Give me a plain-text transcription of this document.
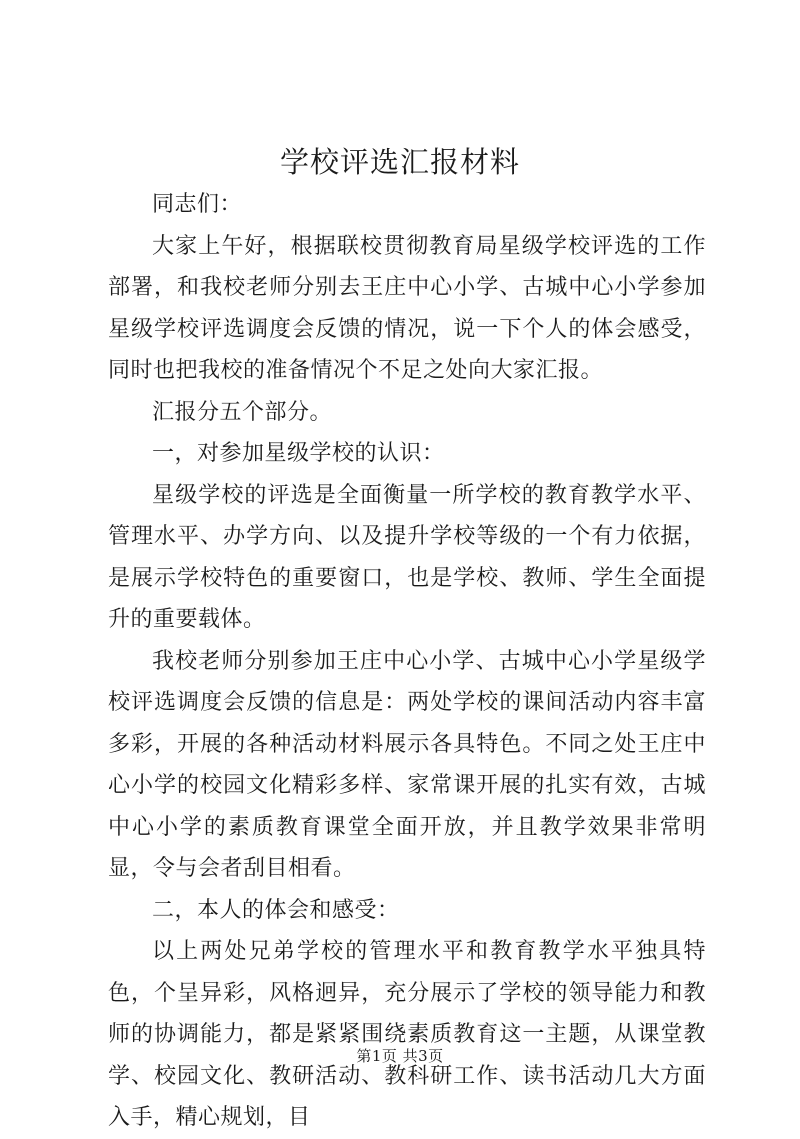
学校评选汇报材料

同志们：

大家上午好，根据联校贯彻教育局星级学校评选的工作部署，和我校老师分别去王庄中心小学、古城中心小学参加星级学校评选调度会反馈的情况，说一下个人的体会感受，同时也把我校的准备情况个不足之处向大家汇报。

汇报分五个部分。

一，对参加星级学校的认识：

星级学校的评选是全面衡量一所学校的教育教学水平、管理水平、办学方向、以及提升学校等级的一个有力依据，是展示学校特色的重要窗口，也是学校、教师、学生全面提升的重要载体。

我校老师分别参加王庄中心小学、古城中心小学星级学校评选调度会反馈的信息是：两处学校的课间活动内容丰富多彩，开展的各种活动材料展示各具特色。不同之处王庄中心小学的校园文化精彩多样、家常课开展的扎实有效，古城中心小学的素质教育课堂全面开放，并且教学效果非常明显，令与会者刮目相看。

二，本人的体会和感受：

以上两处兄弟学校的管理水平和教育教学水平独具特色，个呈异彩，风格迥异，充分展示了学校的领导能力和教师的协调能力，都是紧紧围绕素质教育这一主题，从课堂教学、校园文化、教研活动、教科研工作、读书活动几大方面入手，精心规划，目

第1页 共3页
